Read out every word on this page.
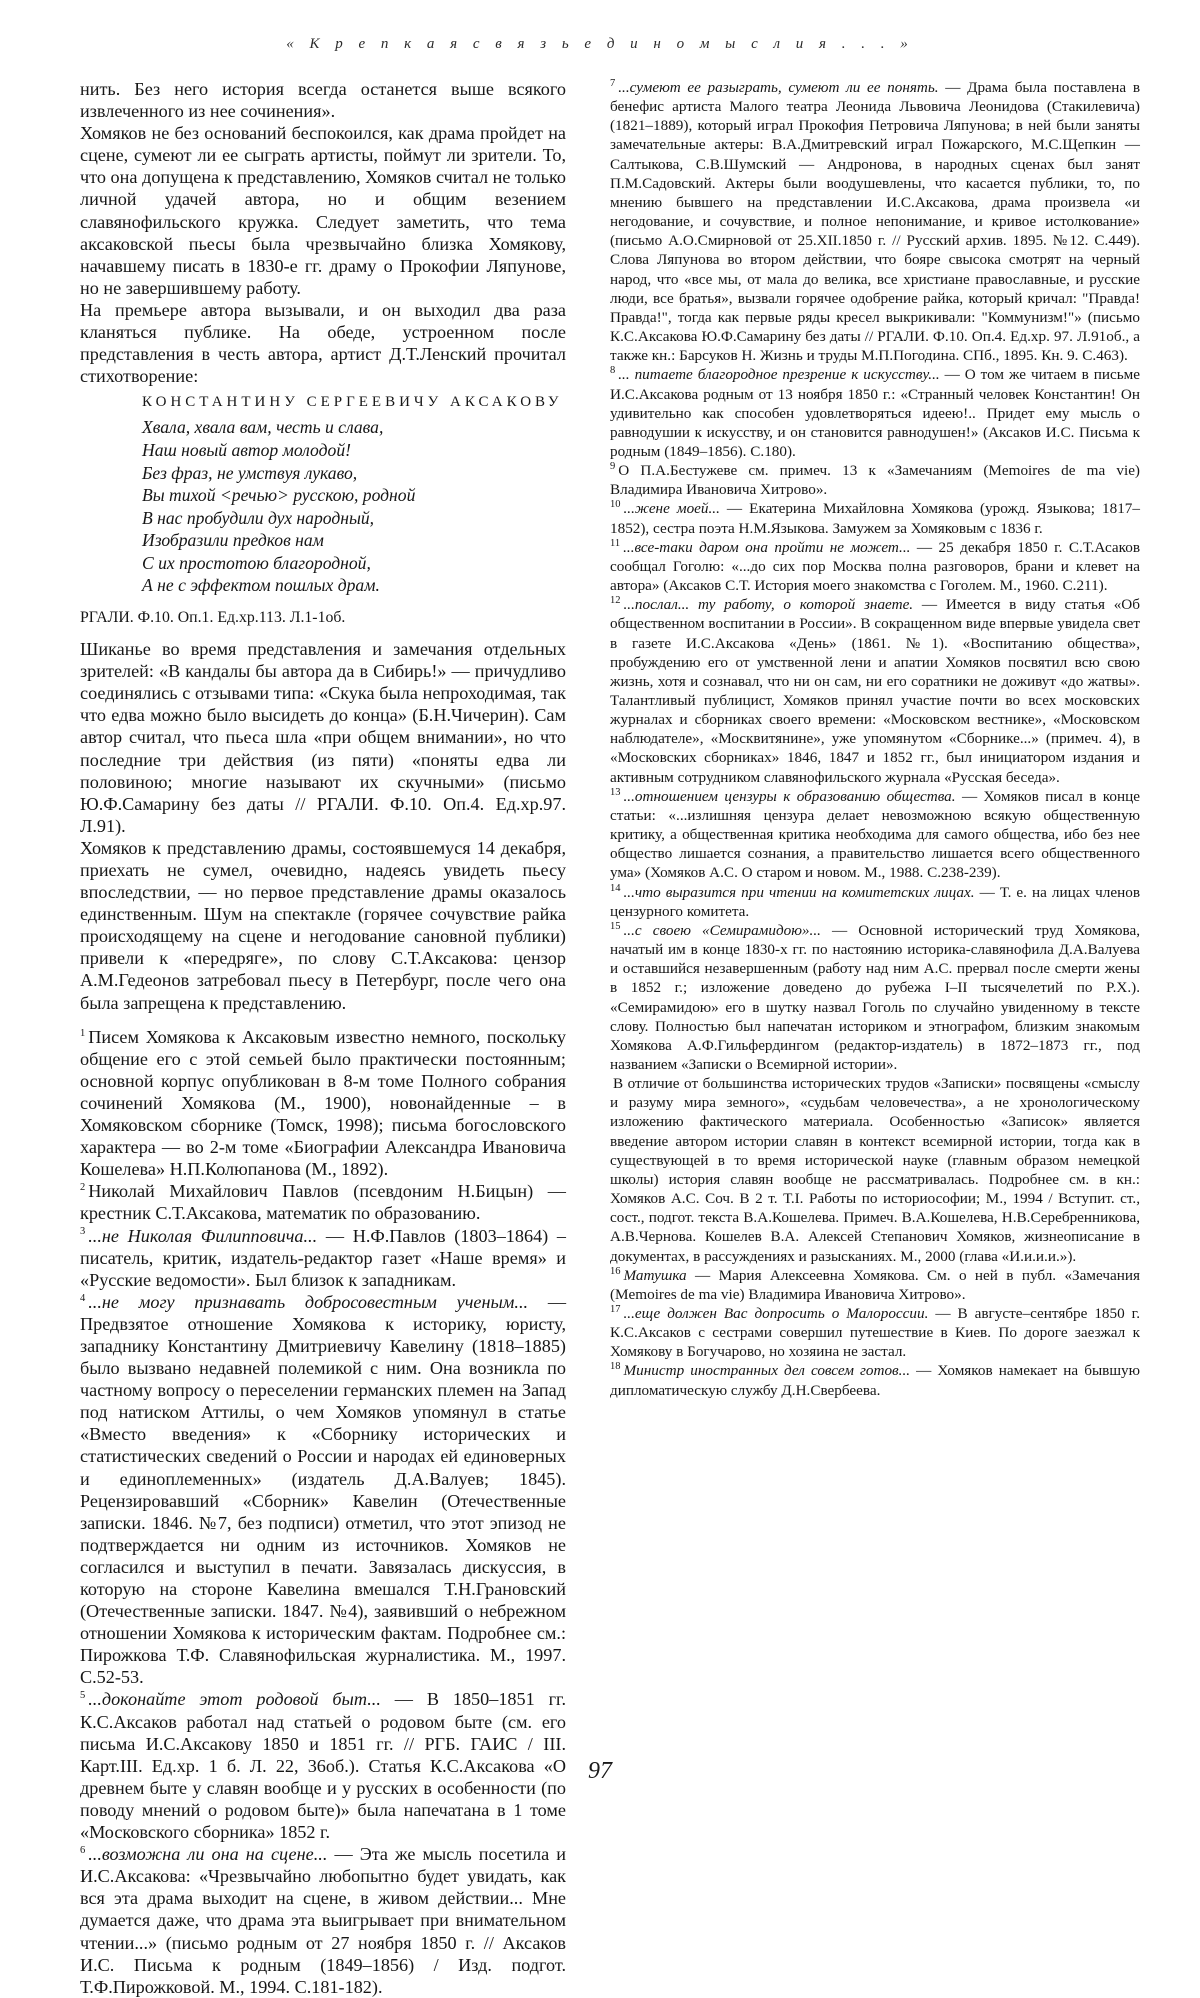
« К р е п к а я с в я з ь е д и н о м ы с л и я . . . »

нить. Без него история всегда останется выше всякого извлеченного из нее сочинения».

Хомяков не без оснований беспокоился, как драма пройдет на сцене, сумеют ли ее сыграть артисты, поймут ли зрители. То, что она допущена к представлению, Хомяков считал не только личной удачей автора, но и общим везением славянофильского кружка. Следует заметить, что тема аксаковской пьесы была чрезвычайно близка Хомякову, начавшему писать в 1830-е гг. драму о Прокофии Ляпунове, но не завершившему работу.

На премьере автора вызывали, и он выходил два раза кланяться публике. На обеде, устроенном после представления в честь автора, артист Д.Т.Ленский прочитал стихотворение:

КОНСТАНТИНУ СЕРГЕЕВИЧУ АКСАКОВУ
Хвала, хвала вам, честь и слава,
Наш новый автор молодой!
Без фраз, не умствуя лукаво,
Вы тихой <речью> русскою, родной
В нас пробудили дух народный,
Изобразили предков нам
С их простотою благородной,
А не с эффектом пошлых драм.
РГАЛИ. Ф.10. Оп.1. Ед.хр.113. Л.1-1об.

Шиканье во время представления и замечания отдельных зрителей: «В кандалы бы автора да в Сибирь!» — причудливо соединялись с отзывами типа: «Скука была непроходимая, так что едва можно было высидеть до конца» (Б.Н.Чичерин). Сам автор считал, что пьеса шла «при общем внимании», но что последние три действия (из пяти) «поняты едва ли половиною; многие называют их скучными» (письмо Ю.Ф.Самарину без даты // РГАЛИ. Ф.10. Оп.4. Ед.хр.97. Л.91).

Хомяков к представлению драмы, состоявшемуся 14 декабря, приехать не сумел, очевидно, надеясь увидеть пьесу впоследствии, — но первое представление драмы оказалось единственным. Шум на спектакле (горячее сочувствие райка происходящему на сцене и негодование сановной публики) привели к «передряге», по слову С.Т.Аксакова: цензор А.М.Гедеонов затребовал пьесу в Петербург, после чего она была запрещена к представлению.

$^1$ Писем Хомякова к Аксаковым известно немного, поскольку общение его с этой семьей было практически постоянным; основной корпус опубликован в 8-м томе Полного собрания сочинений Хомякова (М., 1900), новонайденные – в Хомяковском сборнике (Томск, 1998); письма богословского характера — во 2-м томе «Биографии Александра Ивановича Кошелева» Н.П.Колюпанова (М., 1892).

$^2$ Николай Михайлович Павлов (псевдоним Н.Бицын) — крестник С.Т.Аксакова, математик по образованию.

$^3$ ...не Николая Филипповича... — Н.Ф.Павлов (1803–1864) – писатель, критик, издатель-редактор газет «Наше время» и «Русские ведомости». Был близок к западникам.

$^4$ ...не могу признавать добросовестным ученым... — Предвзятое отношение Хомякова к историку, юристу, западнику Константину Дмитриевичу Кавелину (1818–1885) было вызвано недавней полемикой с ним. Она возникла по частному вопросу о переселении германских племен на Запад под натиском Аттилы, о чем Хомяков упомянул в статье «Вместо введения» к «Сборнику исторических и статистических сведений о России и народах ей единоверных и единоплеменных» (издатель Д.А.Валуев; 1845). Рецензировавший «Сборник» Кавелин (Отечественные записки. 1846. №7, без подписи) отметил, что этот эпизод не подтверждается ни одним из источников. Хомяков не согласился и выступил в печати. Завязалась дискуссия, в которую на стороне Кавелина вмешался Т.Н.Грановский (Отечественные записки. 1847. №4), заявивший о небрежном отношении Хомякова к историческим фактам. Подробнее см.: Пирожкова Т.Ф. Славянофильская журналистика. М., 1997. С.52-53.

$^5$ ...доконайте этот родовой быт... — В 1850–1851 гг. К.С.Аксаков работал над статьей о родовом быте (см. его письма И.С.Аксакову 1850 и 1851 гг. // РГБ. ГАИС / III. Карт.III. Ед.хр. 1 б. Л. 22, 36об.). Статья К.С.Аксакова «О древнем быте у славян вообще и у русских в особенности (по поводу мнений о родовом быте)» была напечатана в 1 томе «Московского сборника» 1852 г.

$^6$ ...возможна ли она на сцене... — Эта же мысль посетила и И.С.Аксакова: «Чрезвычайно любопытно будет увидать, как вся эта драма выходит на сцене, в живом действии... Мне думается даже, что драма эта выигрывает при внимательном чтении...» (письмо родным от 27 ноября 1850 г. // Аксаков И.С. Письма к родным (1849–1856) / Изд. подгот. Т.Ф.Пирожковой. М., 1994. С.181-182).

$^7$ ...сумеют ее разыграть, сумеют ли ее понять. — Драма была поставлена в бенефис артиста Малого театра Леонида Львовича Леонидова (Стакилевича) (1821–1889), который играл Прокофия Петровича Ляпунова; в ней были заняты замечательные актеры: В.А.Дмитревский играл Пожарского, М.С.Щепкин — Салтыкова, С.В.Шумский — Андронова, в народных сценах был занят П.М.Садовский. Актеры были воодушевлены, что касается публики, то, по мнению бывшего на представлении И.С.Аксакова, драма произвела «и негодование, и сочувствие, и полное непонимание, и кривое истолкование» (письмо А.О.Смирновой от 25.XII.1850 г. // Русский архив. 1895. №12. С.449). Слова Ляпунова во втором действии, что бояре свысока смотрят на черный народ, что «все мы, от мала до велика, все христиане православные, и русские люди, все братья», вызвали горячее одобрение райка, который кричал: "Правда! Правда!", тогда как первые ряды кресел выкрикивали: "Коммунизм!"» (письмо К.С.Аксакова Ю.Ф.Самарину без даты // РГАЛИ. Ф.10. Оп.4. Ед.хр. 97. Л.91об., а также кн.: Барсуков Н. Жизнь и труды М.П.Погодина. СПб., 1895. Кн. 9. С.463).

$^8$ ... питаете благородное презрение к искусству... — О том же читаем в письме И.С.Аксакова родным от 13 ноября 1850 г.: «Странный человек Константин! Он удивительно как способен удовлетворяться идеею!.. Придет ему мысль о равнодушии к искусству, и он становится равнодушен!» (Аксаков И.С. Письма к родным (1849–1856). С.180).

$^9$ О П.А.Бестужеве см. примеч. 13 к «Замечаниям (Memoires de ma vie) Владимира Ивановича Хитрово».

$^{10}$ ...жене моей... — Екатерина Михайловна Хомякова (урожд. Языкова; 1817–1852), сестра поэта Н.М.Языкова. Замужем за Хомяковым с 1836 г.

$^{11}$ ...все-таки даром она пройти не может... — 25 декабря 1850 г. С.Т.Асаков сообщал Гоголю: «...до сих пор Москва полна разговоров, брани и клевет на автора» (Аксаков С.Т. История моего знакомства с Гоголем. М., 1960. С.211).

$^{12}$ ...послал... ту работу, о которой знаете. — Имеется в виду статья «Об общественном воспитании в России». В сокращенном виде впервые увидела свет в газете И.С.Аксакова «День» (1861. №1). «Воспитанию общества», пробуждению его от умственной лени и апатии Хомяков посвятил всю свою жизнь, хотя и сознавал, что ни он сам, ни его соратники не доживут «до жатвы». Талантливый публицист, Хомяков принял участие почти во всех московских журналах и сборниках своего времени: «Московском вестнике», «Московском наблюдателе», «Москвитянине», уже упомянутом «Сборнике...» (примеч. 4), в «Московских сборниках» 1846, 1847 и 1852 гг., был инициатором издания и активным сотрудником славянофильского журнала «Русская беседа».

$^{13}$ ...отношением цензуры к образованию общества. — Хомяков писал в конце статьи: «...излишняя цензура делает невозможною всякую общественную критику, а общественная критика необходима для самого общества, ибо без нее общество лишается сознания, а правительство лишается всего общественного ума» (Хомяков А.С. О старом и новом. М., 1988. С.238-239).

$^{14}$ ...что выразится при чтении на комитетских лицах. — Т. е. на лицах членов цензурного комитета.

$^{15}$ ...с своею «Семирамидою»... — Основной исторический труд Хомякова, начатый им в конце 1830-х гг. по настоянию историка-славянофила Д.А.Валуева и оставшийся незавершенным (работу над ним А.С. прервал после смерти жены в 1852 г.; изложение доведено до рубежа I–II тысячелетий по Р.Х.). «Семирамидою» его в шутку назвал Гоголь по случайно увиденному в тексте слову. Полностью был напечатан историком и этнографом, близким знакомым Хомякова А.Ф.Гильфердингом (редактор-издатель) в 1872–1873 гг., под названием «Записки о Всемирной истории».

В отличие от большинства исторических трудов «Записки» посвящены «смыслу и разуму мира земного», «судьбам человечества», а не хронологическому изложению фактического материала. Особенностью «Записок» является введение автором истории славян в контекст всемирной истории, тогда как в существующей в то время исторической науке (главным образом немецкой школы) история славян вообще не рассматривалась. Подробнее см. в кн.: Хомяков А.С. Соч. В 2 т. Т.I. Работы по историософии; М., 1994 / Вступит. ст., сост., подгот. текста В.А.Кошелева. Примеч. В.А.Кошелева, Н.В.Серебренникова, А.В.Чернова. Кошелев В.А. Алексей Степанович Хомяков, жизнеописание в документах, в рассуждениях и разысканиях. М., 2000 (глава «И.и.и.и.»).

$^{16}$ Матушка — Мария Алексеевна Хомякова. См. о ней в публ. «Замечания (Memoires de ma vie) Владимира Ивановича Хитрово».

$^{17}$ ...еще должен Вас допросить о Малороссии. — В августе–сентябре 1850 г. К.С.Аксаков с сестрами совершил путешествие в Киев. По дороге заезжал к Хомякову в Богучарово, но хозяина не застал.

$^{18}$ Министр иностранных дел совсем готов... — Хомяков намекает на бывшую дипломатическую службу Д.Н.Свербеева.

97
